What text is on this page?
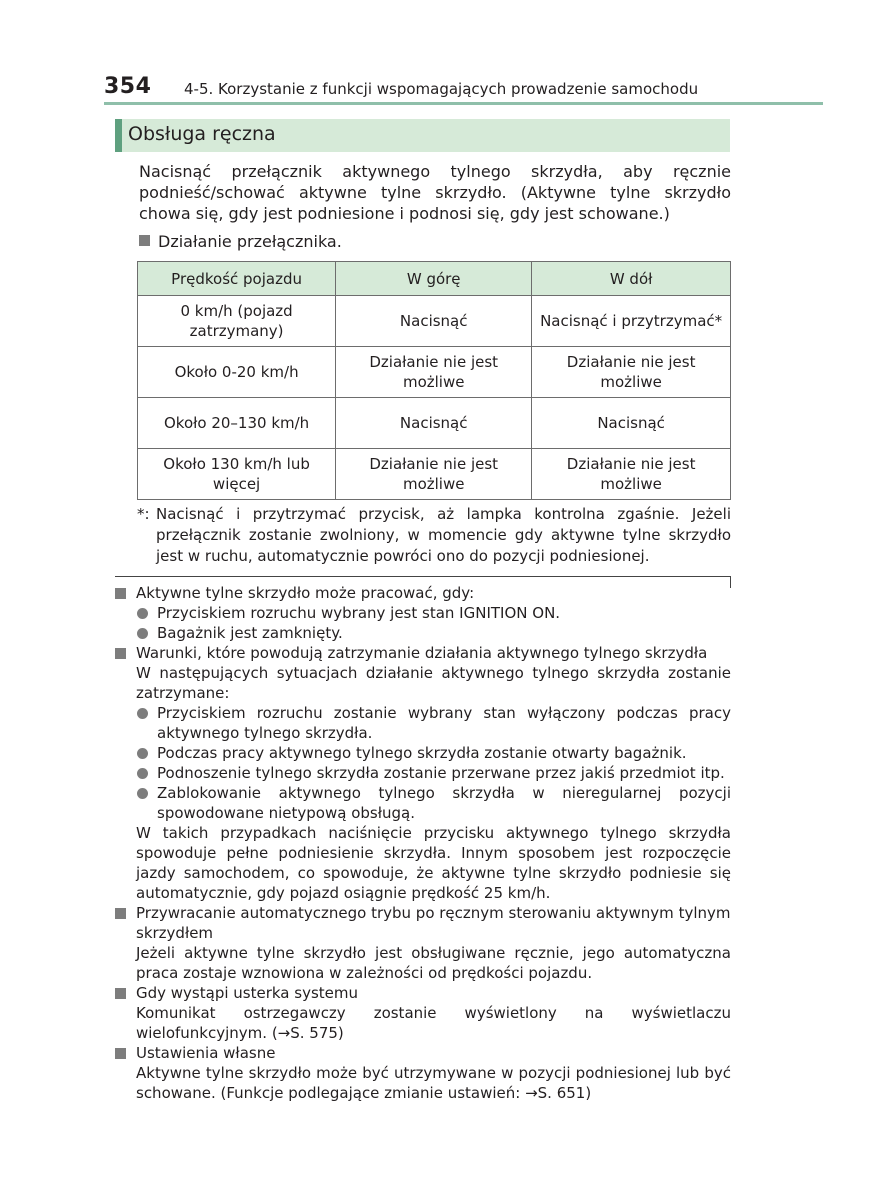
354 4-5. Korzystanie z funkcji wspomagających prowadzenie samochodu
Obsługa ręczna
Nacisnąć przełącznik aktywnego tylnego skrzydła, aby ręcznie podnieść/schować aktywne tylne skrzydło. (Aktywne tylne skrzydło chowa się, gdy jest podniesione i podnosi się, gdy jest schowane.)
Działanie przełącznika.
Prędkość pojazdu	W górę	W dół
0 km/h (pojazd zatrzymany)	Nacisnąć	Nacisnąć i przytrzymać*
Około 0-20 km/h	Działanie nie jest możliwe	Działanie nie jest możliwe
Około 20–130 km/h	Nacisnąć	Nacisnąć
Około 130 km/h lub więcej	Działanie nie jest możliwe	Działanie nie jest możliwe
*: Nacisnąć i przytrzymać przycisk, aż lampka kontrolna zgaśnie. Jeżeli przełącznik zostanie zwolniony, w momencie gdy aktywne tylne skrzydło jest w ruchu, automatycznie powróci ono do pozycji podniesionej.
Aktywne tylne skrzydło może pracować, gdy:
Przyciskiem rozruchu wybrany jest stan IGNITION ON.
Bagażnik jest zamknięty.
Warunki, które powodują zatrzymanie działania aktywnego tylnego skrzydła
W następujących sytuacjach działanie aktywnego tylnego skrzydła zostanie zatrzymane:
Przyciskiem rozruchu zostanie wybrany stan wyłączony podczas pracy aktywnego tylnego skrzydła.
Podczas pracy aktywnego tylnego skrzydła zostanie otwarty bagażnik.
Podnoszenie tylnego skrzydła zostanie przerwane przez jakiś przedmiot itp.
Zablokowanie aktywnego tylnego skrzydła w nieregularnej pozycji spowodowane nietypową obsługą.
W takich przypadkach naciśnięcie przycisku aktywnego tylnego skrzydła spowoduje pełne podniesienie skrzydła. Innym sposobem jest rozpoczęcie jazdy samochodem, co spowoduje, że aktywne tylne skrzydło podniesie się automatycznie, gdy pojazd osiągnie prędkość 25 km/h.
Przywracanie automatycznego trybu po ręcznym sterowaniu aktywnym tylnym skrzydłem
Jeżeli aktywne tylne skrzydło jest obsługiwane ręcznie, jego automatyczna praca zostaje wznowiona w zależności od prędkości pojazdu.
Gdy wystąpi usterka systemu
Komunikat ostrzegawczy zostanie wyświetlony na wyświetlaczu wielofunkcyjnym. (→S. 575)
Ustawienia własne
Aktywne tylne skrzydło może być utrzymywane w pozycji podniesionej lub być schowane. (Funkcje podlegające zmianie ustawień: →S. 651)
